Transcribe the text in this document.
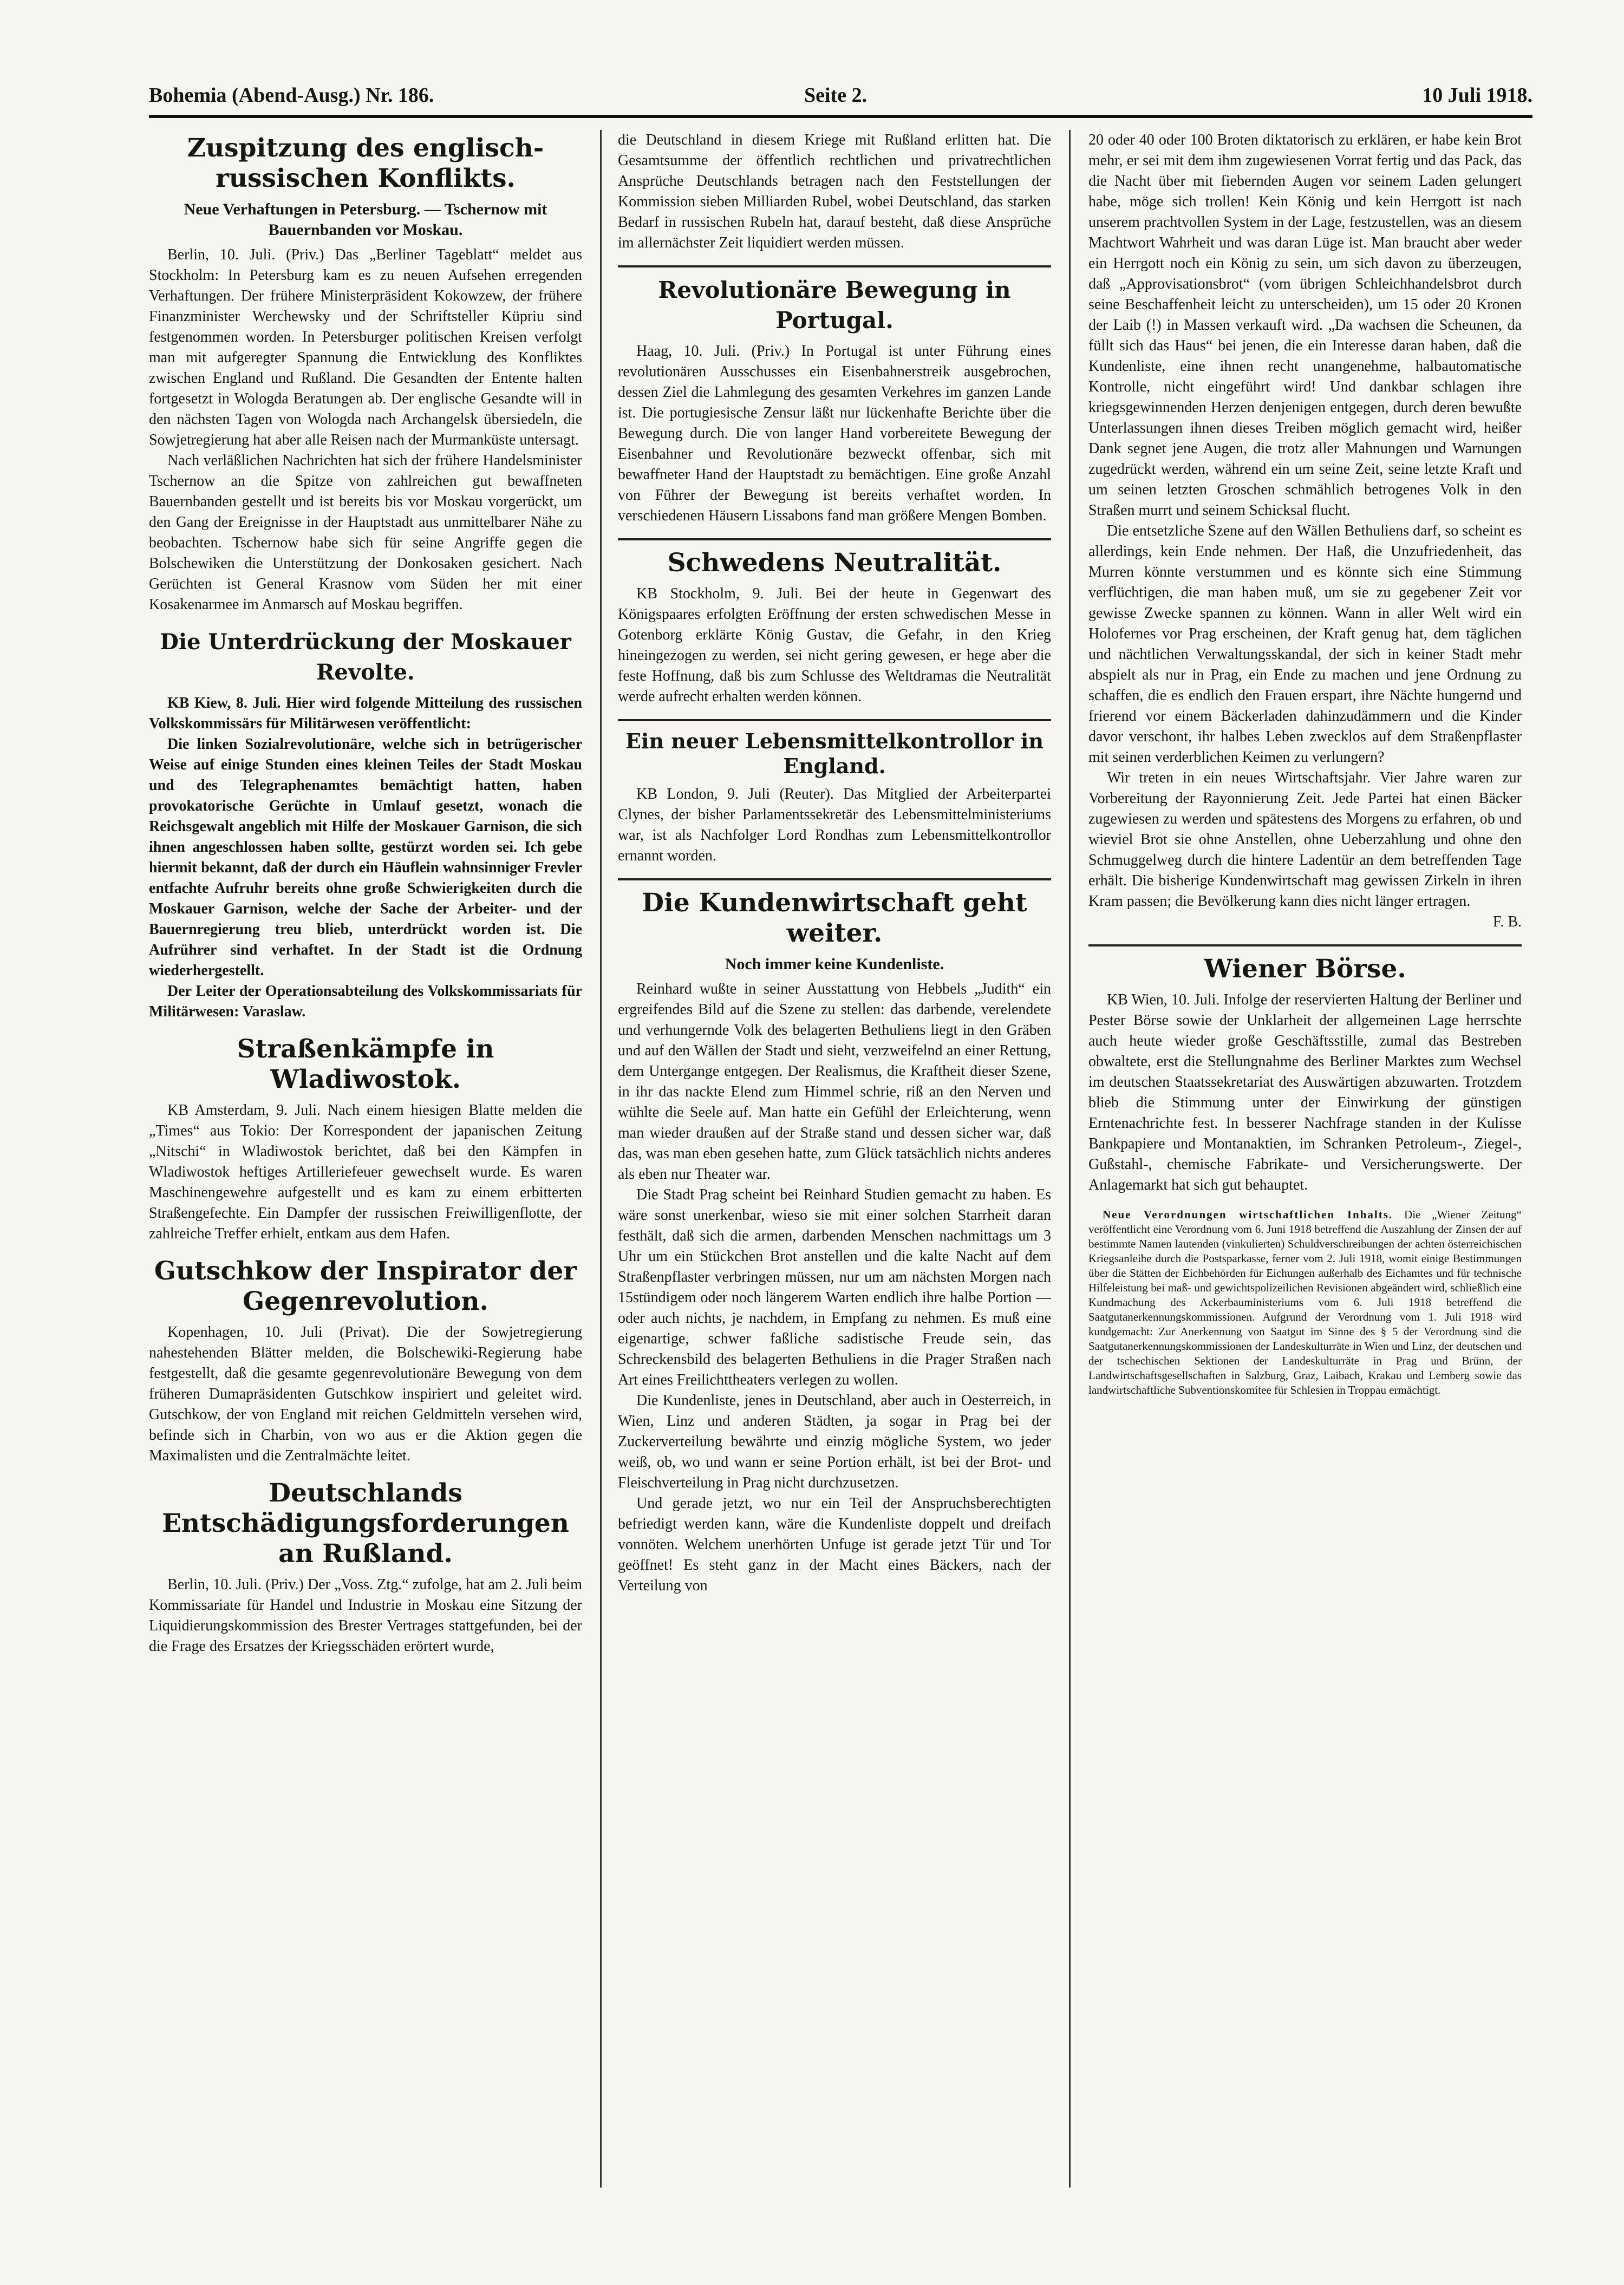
Bohemia (Abend-Ausg.) Nr. 186.	Seite 2.	10 Juli 1918.
Zuspitzung des englisch-russischen Konflikts.
Neue Verhaftungen in Petersburg. — Tschernow mit Bauernbanden vor Moskau.

Berlin, 10. Juli. (Priv.) Das „Berliner Tageblatt“ meldet aus Stockholm: In Petersburg kam es zu neuen Aufsehen erregenden Verhaftungen. Der frühere Ministerpräsident Kokowzew, der frühere Finanzminister Werchewsky und der Schriftsteller Küpriu sind festgenommen worden. In Petersburger politischen Kreisen verfolgt man mit aufgeregter Spannung die Entwicklung des Konfliktes zwischen England und Rußland. Die Gesandten der Entente halten fortgesetzt in Wologda Beratungen ab. Der englische Gesandte will in den nächsten Tagen von Wologda nach Archangelsk übersiedeln, die Sowjetregierung hat aber alle Reisen nach der Murmanküste untersagt.

Nach verläßlichen Nachrichten hat sich der frühere Handelsminister Tschernow an die Spitze von zahlreichen gut bewaffneten Bauernbanden gestellt und ist bereits bis vor Moskau vorgerückt, um den Gang der Ereignisse in der Hauptstadt aus unmittelbarer Nähe zu beobachten. Tschernow habe sich für seine Angriffe gegen die Bolschewiken die Unterstützung der Donkosaken gesichert. Nach Gerüchten ist General Krasnow vom Süden her mit einer Kosakenarmee im Anmarsch auf Moskau begriffen.

Die Unterdrückung der Moskauer Revolte.

KB Kiew, 8. Juli. Hier wird folgende Mitteilung des russischen Volkskommissärs für Militärwesen veröffentlicht:

Die linken Sozialrevolutionäre, welche sich in betrügerischer Weise auf einige Stunden eines kleinen Teiles der Stadt Moskau und des Telegraphenamtes bemächtigt hatten, haben provokatorische Gerüchte in Umlauf gesetzt, wonach die Reichsgewalt angeblich mit Hilfe der Moskauer Garnison, die sich ihnen angeschlossen haben sollte, gestürzt worden sei. Ich gebe hiermit bekannt, daß der durch ein Häuflein wahnsinniger Frevler entfachte Aufruhr bereits ohne große Schwierigkeiten durch die Moskauer Garnison, welche der Sache der Arbeiter- und der Bauernregierung treu blieb, unterdrückt worden ist. Die Aufrührer sind verhaftet. In der Stadt ist die Ordnung wiederhergestellt.

Der Leiter der Operationsabteilung des Volkskommissariats für Militärwesen: Varaslaw.

Straßenkämpfe in Wladiwostok.

KB Amsterdam, 9. Juli. Nach einem hiesigen Blatte melden die „Times“ aus Tokio: Der Korrespondent der japanischen Zeitung „Nitschi“ in Wladiwostok berichtet, daß bei den Kämpfen in Wladiwostok heftiges Artilleriefeuer gewechselt wurde. Es waren Maschinengewehre aufgestellt und es kam zu einem erbitterten Straßengefechte. Ein Dampfer der russischen Freiwilligenflotte, der zahlreiche Treffer erhielt, entkam aus dem Hafen.

Gutschkow der Inspirator der Gegenrevolution.

Kopenhagen, 10. Juli (Privat). Die der Sowjetregierung nahestehenden Blätter melden, die Bolschewiki-Regierung habe festgestellt, daß die gesamte gegenrevolutionäre Bewegung von dem früheren Dumapräsidenten Gutschkow inspiriert und geleitet wird. Gutschkow, der von England mit reichen Geldmitteln versehen wird, befinde sich in Charbin, von wo aus er die Aktion gegen die Maximalisten und die Zentralmächte leitet.

Deutschlands Entschädigungsforderungen an Rußland.

Berlin, 10. Juli. (Priv.) Der „Voss. Ztg.“ zufolge, hat am 2. Juli beim Kommissariate für Handel und Industrie in Moskau eine Sitzung der Liquidierungskommission des Brester Vertrages stattgefunden, bei der die Frage des Ersatzes der Kriegsschäden erörtert wurde,

die Deutschland in diesem Kriege mit Rußland erlitten hat. Die Gesamtsumme der öffentlich rechtlichen und privatrechtlichen Ansprüche Deutschlands betragen nach den Feststellungen der Kommission sieben Milliarden Rubel, wobei Deutschland, das starken Bedarf in russischen Rubeln hat, darauf besteht, daß diese Ansprüche im allernächster Zeit liquidiert werden müssen.

Revolutionäre Bewegung in Portugal.

Haag, 10. Juli. (Priv.) In Portugal ist unter Führung eines revolutionären Ausschusses ein Eisenbahnerstreik ausgebrochen, dessen Ziel die Lahmlegung des gesamten Verkehres im ganzen Lande ist. Die portugiesische Zensur läßt nur lückenhafte Berichte über die Bewegung durch. Die von langer Hand vorbereitete Bewegung der Eisenbahner und Revolutionäre bezweckt offenbar, sich mit bewaffneter Hand der Hauptstadt zu bemächtigen. Eine große Anzahl von Führer der Bewegung ist bereits verhaftet worden. In verschiedenen Häusern Lissabons fand man größere Mengen Bomben.

Schwedens Neutralität.

KB Stockholm, 9. Juli. Bei der heute in Gegenwart des Königspaares erfolgten Eröffnung der ersten schwedischen Messe in Gotenborg erklärte König Gustav, die Gefahr, in den Krieg hineingezogen zu werden, sei nicht gering gewesen, er hege aber die feste Hoffnung, daß bis zum Schlusse des Weltdramas die Neutralität werde aufrecht erhalten werden können.

Ein neuer Lebensmittelkontrollor in England.

KB London, 9. Juli (Reuter). Das Mitglied der Arbeiterpartei Clynes, der bisher Parlamentssekretär des Lebensmittelministeriums war, ist als Nachfolger Lord Rondhas zum Lebensmittelkontrollor ernannt worden.

Die Kundenwirtschaft geht weiter.
Noch immer keine Kundenliste.

Reinhard wußte in seiner Ausstattung von Hebbels „Judith“ ein ergreifendes Bild auf die Szene zu stellen: das darbende, verelendete und verhungernde Volk des belagerten Bethuliens liegt in den Gräben und auf den Wällen der Stadt und sieht, verzweifelnd an einer Rettung, dem Untergange entgegen. Der Realismus, die Kraftheit dieser Szene, in ihr das nackte Elend zum Himmel schrie, riß an den Nerven und wühlte die Seele auf. Man hatte ein Gefühl der Erleichterung, wenn man wieder draußen auf der Straße stand und dessen sicher war, daß das, was man eben gesehen hatte, zum Glück tatsächlich nichts anderes als eben nur Theater war.

Die Stadt Prag scheint bei Reinhard Studien gemacht zu haben. Es wäre sonst unerkenbar, wieso sie mit einer solchen Starrheit daran festhält, daß sich die armen, darbenden Menschen nachmittags um 3 Uhr um ein Stückchen Brot anstellen und die kalte Nacht auf dem Straßenpflaster verbringen müssen, nur um am nächsten Morgen nach 15stündigem oder noch längerem Warten endlich ihre halbe Portion — oder auch nichts, je nachdem, in Empfang zu nehmen. Es muß eine eigenartige, schwer faßliche sadistische Freude sein, das Schreckensbild des belagerten Bethuliens in die Prager Straßen nach Art eines Freilichttheaters verlegen zu wollen.

Die Kundenliste, jenes in Deutschland, aber auch in Oesterreich, in Wien, Linz und anderen Städten, ja sogar in Prag bei der Zuckerverteilung bewährte und einzig mögliche System, wo jeder weiß, ob, wo und wann er seine Portion erhält, ist bei der Brot- und Fleischverteilung in Prag nicht durchzusetzen.

Und gerade jetzt, wo nur ein Teil der Anspruchsberechtigten befriedigt werden kann, wäre die Kundenliste doppelt und dreifach vonnöten. Welchem unerhörten Unfuge ist gerade jetzt Tür und Tor geöffnet! Es steht ganz in der Macht eines Bäckers, nach der Verteilung von

20 oder 40 oder 100 Broten diktatorisch zu erklären, er habe kein Brot mehr, er sei mit dem ihm zugewiesenen Vorrat fertig und das Pack, das die Nacht über mit fiebernden Augen vor seinem Laden gelungert habe, möge sich trollen! Kein König und kein Herrgott ist nach unserem prachtvollen System in der Lage, festzustellen, was an diesem Machtwort Wahrheit und was daran Lüge ist. Man braucht aber weder ein Herrgott noch ein König zu sein, um sich davon zu überzeugen, daß „Approvisationsbrot“ (vom übrigen Schleichhandelsbrot durch seine Beschaffenheit leicht zu unterscheiden), um 15 oder 20 Kronen der Laib (!) in Massen verkauft wird. „Da wachsen die Scheunen, da füllt sich das Haus“ bei jenen, die ein Interesse daran haben, daß die Kundenliste, eine ihnen recht unangenehme, halbautomatische Kontrolle, nicht eingeführt wird! Und dankbar schlagen ihre kriegsgewinnenden Herzen denjenigen entgegen, durch deren bewußte Unterlassungen ihnen dieses Treiben möglich gemacht wird, heißer Dank segnet jene Augen, die trotz aller Mahnungen und Warnungen zugedrückt werden, während ein um seine Zeit, seine letzte Kraft und um seinen letzten Groschen schmählich betrogenes Volk in den Straßen murrt und seinem Schicksal flucht.

Die entsetzliche Szene auf den Wällen Bethuliens darf, so scheint es allerdings, kein Ende nehmen. Der Haß, die Unzufriedenheit, das Murren könnte verstummen und es könnte sich eine Stimmung verflüchtigen, die man haben muß, um sie zu gegebener Zeit vor gewisse Zwecke spannen zu können. Wann in aller Welt wird ein Holofernes vor Prag erscheinen, der Kraft genug hat, dem täglichen und nächtlichen Verwaltungsskandal, der sich in keiner Stadt mehr abspielt als nur in Prag, ein Ende zu machen und jene Ordnung zu schaffen, die es endlich den Frauen erspart, ihre Nächte hungernd und frierend vor einem Bäckerladen dahinzudämmern und die Kinder davor verschont, ihr halbes Leben zwecklos auf dem Straßenpflaster mit seinen verderblichen Keimen zu verlungern?

Wir treten in ein neues Wirtschaftsjahr. Vier Jahre waren zur Vorbereitung der Rayonnierung Zeit. Jede Partei hat einen Bäcker zugewiesen zu werden und spätestens des Morgens zu erfahren, ob und wieviel Brot sie ohne Anstellen, ohne Ueberzahlung und ohne den Schmuggelweg durch die hintere Ladentür an dem betreffenden Tage erhält. Die bisherige Kundenwirtschaft mag gewissen Zirkeln in ihren Kram passen; die Bevölkerung kann dies nicht länger ertragen.

F. B.

Wiener Börse.

KB Wien, 10. Juli. Infolge der reservierten Haltung der Berliner und Pester Börse sowie der Unklarheit der allgemeinen Lage herrschte auch heute wieder große Geschäftsstille, zumal das Bestreben obwaltete, erst die Stellungnahme des Berliner Marktes zum Wechsel im deutschen Staatssekretariat des Auswärtigen abzuwarten. Trotzdem blieb die Stimmung unter der Einwirkung der günstigen Erntenachrichte fest. In besserer Nachfrage standen in der Kulisse Bankpapiere und Montanaktien, im Schranken Petroleum-, Ziegel-, Gußstahl-, chemische Fabrikate- und Versicherungswerte. Der Anlagemarkt hat sich gut behauptet.

Neue Verordnungen wirtschaftlichen Inhalts. Die „Wiener Zeitung“ veröffentlicht eine Verordnung vom 6. Juni 1918 betreffend die Auszahlung der Zinsen der auf bestimmte Namen lautenden (vinkulierten) Schuldverschreibungen der achten österreichischen Kriegsanleihe durch die Postsparkasse, ferner vom 2. Juli 1918, womit einige Bestimmungen über die Stätten der Eichbehörden für Eichungen außerhalb des Eichamtes und für technische Hilfeleistung bei maß- und gewichtspolizeilichen Revisionen abgeändert wird, schließlich eine Kundmachung des Ackerbauministeriums vom 6. Juli 1918 betreffend die Saatgutanerkennungskommissionen. Aufgrund der Verordnung vom 1. Juli 1918 wird kundgemacht: Zur Anerkennung von Saatgut im Sinne des § 5 der Verordnung sind die Saatgutanerkennungskommissionen der Landeskulturräte in Wien und Linz, der deutschen und der tschechischen Sektionen der Landeskulturräte in Prag und Brünn, der Landwirtschaftsgesellschaften in Salzburg, Graz, Laibach, Krakau und Lemberg sowie das landwirtschaftliche Subventionskomitee für Schlesien in Troppau ermächtigt.
